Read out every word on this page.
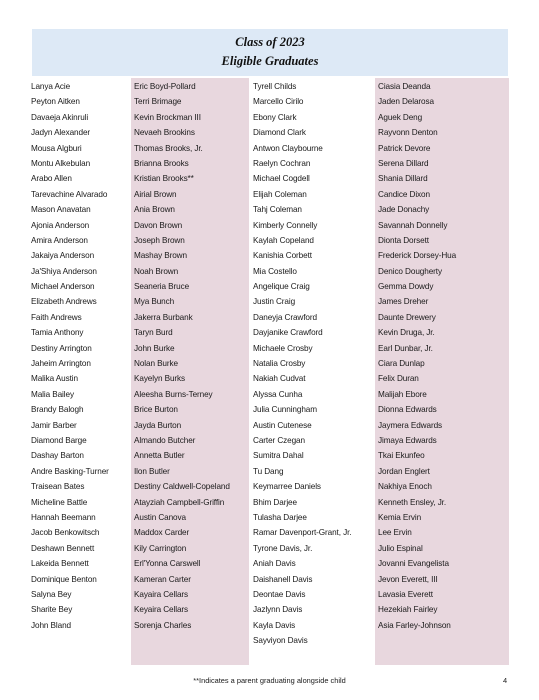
Class of 2023
Eligible Graduates
Lanya Acie
Peyton Aitken
Davaeja Akinruli
Jadyn Alexander
Mousa Algburi
Montu Alkebulan
Arabo Allen
Tarevachine Alvarado
Mason Anavatan
Ajonia Anderson
Amira Anderson
Jakaiya Anderson
Ja'Shiya Anderson
Michael Anderson
Elizabeth Andrews
Faith Andrews
Tamia Anthony
Destiny Arrington
Jaheim Arrington
Malika Austin
Malia Bailey
Brandy Balogh
Jamir Barber
Diamond Barge
Dashay Barton
Andre Basking-Turner
Traisean Bates
Micheline Battle
Hannah Beemann
Jacob Benkowitsch
Deshawn Bennett
Lakeida Bennett
Dominique Benton
Salyna Bey
Sharite Bey
John Bland
Eric Boyd-Pollard
Terri Brimage
Kevin Brockman III
Nevaeh Brookins
Thomas Brooks, Jr.
Brianna Brooks
Kristian Brooks**
Airial Brown
Ania Brown
Davon Brown
Joseph Brown
Mashay Brown
Noah Brown
Seaneria Bruce
Mya Bunch
Jakerra Burbank
Taryn Burd
John Burke
Nolan Burke
Kayelyn Burks
Aleesha Burns-Terney
Brice Burton
Jayda Burton
Almando Butcher
Annetta Butler
Ilon Butler
Destiny Caldwell-Copeland
Atayziah Campbell-Griffin
Austin Canova
Maddox Carder
Kily Carrington
Erl'Yonna Carswell
Kameran Carter
Kayaira Cellars
Keyaira Cellars
Sorenja Charles
Tyrell Childs
Marcello Cirilo
Ebony Clark
Diamond Clark
Antwon Claybourne
Raelyn Cochran
Michael Cogdell
Elijah Coleman
Tahj Coleman
Kimberly Connelly
Kaylah Copeland
Kanishia Corbett
Mia Costello
Angelique Craig
Justin Craig
Daneyja Crawford
Dayjanike Crawford
Michaele Crosby
Natalia Crosby
Nakiah Cudvat
Alyssa Cunha
Julia Cunningham
Austin Cutenese
Carter Czegan
Sumitra Dahal
Tu Dang
Keymarree Daniels
Bhim Darjee
Tulasha Darjee
Ramar Davenport-Grant, Jr.
Tyrone Davis, Jr.
Aniah Davis
Daishanell Davis
Deontae Davis
Jazlynn Davis
Kayla Davis
Sayviyon Davis
Ciasia Deanda
Jaden Delarosa
Aguek Deng
Rayvonn Denton
Patrick Devore
Serena Dillard
Shania Dillard
Candice Dixon
Jade Donachy
Savannah Donnelly
Dionta Dorsett
Frederick Dorsey-Hua
Denico Dougherty
Gemma Dowdy
James Dreher
Daunte Drewery
Kevin Druga, Jr.
Earl Dunbar, Jr.
Ciara Dunlap
Felix Duran
Malijah Ebore
Dionna Edwards
Jaymera Edwards
Jimaya Edwards
Tkai Ekunfeo
Jordan Englert
Nakhiya Enoch
Kenneth Ensley, Jr.
Kemia Ervin
Lee Ervin
Julio Espinal
Jovanni Evangelista
Jevon Everett, III
Lavasia Everett
Hezekiah Fairley
Asia Farley-Johnson
**Indicates a parent graduating alongside child	4
